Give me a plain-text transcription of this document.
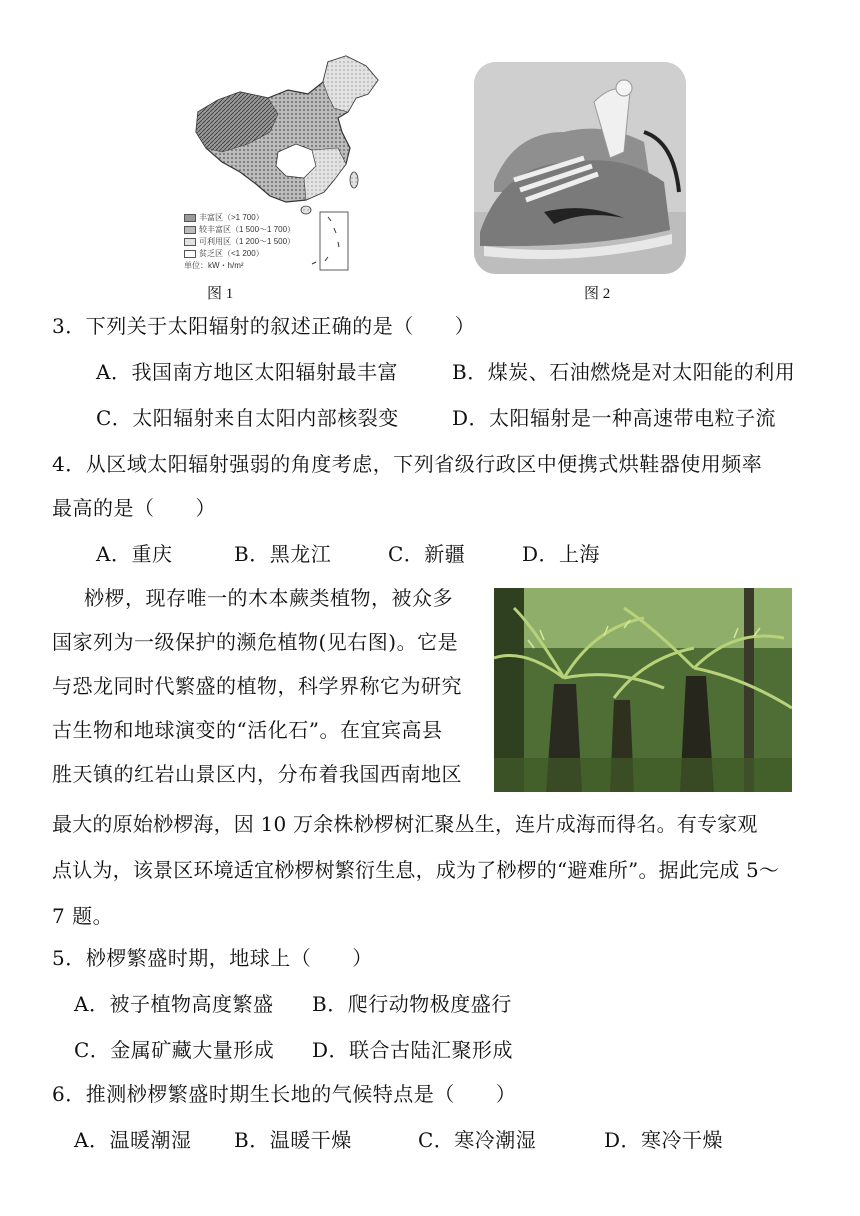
丰富区（>1 700）
较丰富区（1 500～1 700）
可利用区（1 200～1 500）
贫乏区（<1 200）
单位：kW・h/m²
图 1	图 2
3．下列关于太阳辐射的叙述正确的是（　　）
A．我国南方地区太阳辐射最丰富	B．煤炭、石油燃烧是对太阳能的利用
C．太阳辐射来自太阳内部核裂变	D．太阳辐射是一种高速带电粒子流
4．从区域太阳辐射强弱的角度考虑，下列省级行政区中便携式烘鞋器使用频率
最高的是（　　）
A．重庆	B．黑龙江	C．新疆	D．上海
桫椤，现存唯一的木本蕨类植物，被众多
国家列为一级保护的濒危植物(见右图)。它是
与恐龙同时代繁盛的植物，科学界称它为研究
古生物和地球演变的“活化石”。在宜宾高县
胜天镇的红岩山景区内，分布着我国西南地区
最大的原始桫椤海，因 10 万余株桫椤树汇聚丛生，连片成海而得名。有专家观
点认为，该景区环境适宜桫椤树繁衍生息，成为了桫椤的“避难所”。据此完成 5～
7 题。
5．桫椤繁盛时期，地球上（　　）
A．被子植物高度繁盛 B．爬行动物极度盛行
C．金属矿藏大量形成 D．联合古陆汇聚形成
6．推测桫椤繁盛时期生长地的气候特点是（　　）
A．温暖潮湿 B．温暖干燥	C．寒冷潮湿	D．寒冷干燥
